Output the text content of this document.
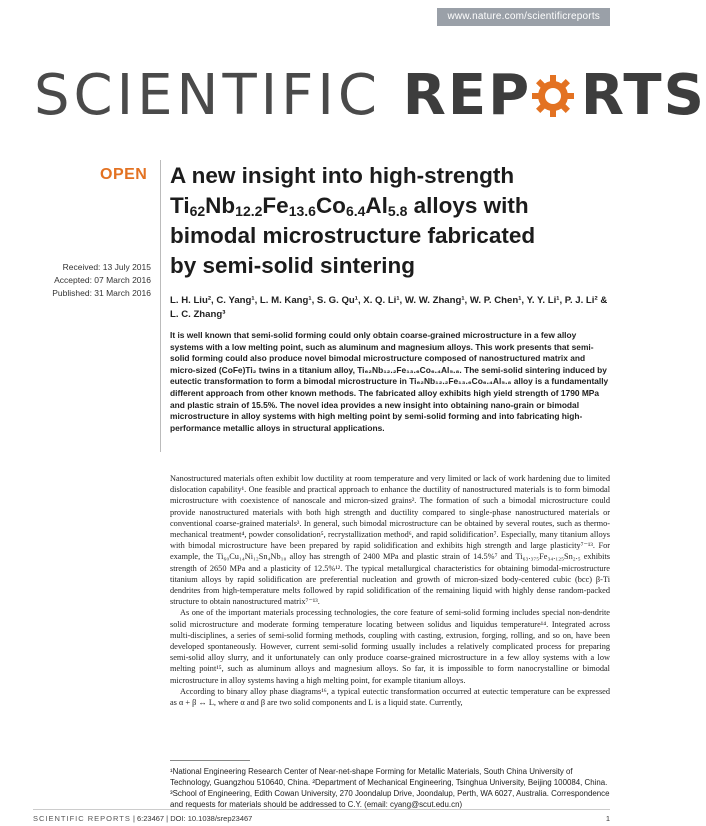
www.nature.com/scientificreports
SCIENTIFIC REP RTS
OPEN
Received: 13 July 2015
Accepted: 07 March 2016
Published: 31 March 2016
A new insight into high-strength
$Ti_{62}Nb_{12.2}Fe_{13.6}Co_{6.4}Al_{5.8}$ alloys with
bimodal microstructure fabricated
by semi-solid sintering
L. H. Liu², C. Yang¹, L. M. Kang¹, S. G. Qu¹, X. Q. Li¹, W. W. Zhang¹, W. P. Chen¹, Y. Y. Li¹, P. J. Li² & L. C. Zhang³
It is well known that semi-solid forming could only obtain coarse-grained microstructure in a few alloy systems with a low melting point, such as aluminum and magnesium alloys. This work presents that semi-solid forming could also produce novel bimodal microstructure composed of nanostructured matrix and micro-sized (CoFe)Ti₂ twins in a titanium alloy, Ti₆₂Nb₁₂.₂Fe₁₃.₆Co₆.₄Al₅.₈. The semi-solid sintering induced by eutectic transformation to form a bimodal microstructure in Ti₆₂Nb₁₂.₂Fe₁₃.₆Co₆.₄Al₅.₈ alloy is a fundamentally different approach from other known methods. The fabricated alloy exhibits high yield strength of 1790 MPa and plastic strain of 15.5%. The novel idea provides a new insight into obtaining nano-grain or bimodal microstructure in alloy systems with high melting point by semi-solid forming and into fabricating high-performance metallic alloys in structural applications.

Nanostructured materials often exhibit low ductility at room temperature and very limited or lack of work hardening due to limited dislocation capability¹. One feasible and practical approach to enhance the ductility of nanostructured materials is to form bimodal microstructure with coexistence of nanoscale and micron-sized grains². The formation of such a bimodal microstructure could provide nanostructured materials with both high strength and ductility compared to single-phase nanostructured materials or conventional coarse-grained materials³. In general, such bimodal microstructure can be obtained by several routes, such as thermo-mechanical treatment⁴, powder consolidation⁵, recrystallization method⁶, and rapid solidification⁷. Especially, many titanium alloys with bimodal microstructure have been prepared by rapid solidification and exhibits high strength and large plasticity⁷⁻¹³. For example, the Ti₆₀Cu₁₄Ni₁₂Sn₄Nb₁₀ alloy has strength of 2400 MPa and plastic strain of 14.5%⁷ and Ti₆₃.₃₇₅Fe₃₄.₁₂₅Sn₂.₅ exhibits strength of 2650 MPa and a plasticity of 12.5%¹². The typical metallurgical characteristics for obtaining bimodal-microstructure titanium alloys by rapid solidification are preferential nucleation and growth of micron-sized body-centered cubic (bcc) β-Ti dendrites from high-temperature melts followed by rapid solidification of the remaining liquid with highly dense random-packed structure to obtain nanostructured matrix⁷⁻¹³.

As one of the important materials processing technologies, the core feature of semi-solid forming includes special non-dendrite solid microstructure and moderate forming temperature locating between solidus and liquidus temperature¹⁴. Integrated across multi-disciplines, a series of semi-solid forming methods, coupling with casting, extrusion, forging, rolling, and so on, have been developed spontaneously. However, current semi-solid forming usually includes a relatively complicated process for preparing semi-solid alloy slurry, and it unfortunately can only produce coarse-grained microstructure in a few alloy systems with a low melting point¹⁵, such as aluminum alloys and magnesium alloys. So far, it is impossible to form nanocrystalline or bimodal microstructure in alloy systems having a high melting point, for example titanium alloys.

According to binary alloy phase diagrams¹⁶, a typical eutectic transformation occurred at eutectic temperature can be expressed as α + β ↔ L, where α and β are two solid components and L is a liquid state. Currently,

¹National Engineering Research Center of Near-net-shape Forming for Metallic Materials, South China University of Technology, Guangzhou 510640, China. ²Department of Mechanical Engineering, Tsinghua University, Beijing 100084, China. ³School of Engineering, Edith Cowan University, 270 Joondalup Drive, Joondalup, Perth, WA 6027, Australia. Correspondence and requests for materials should be addressed to C.Y. (email: cyang@scut.edu.cn)
SCIENTIFIC REPORTS | 6:23467 | DOI: 10.1038/srep23467	1
